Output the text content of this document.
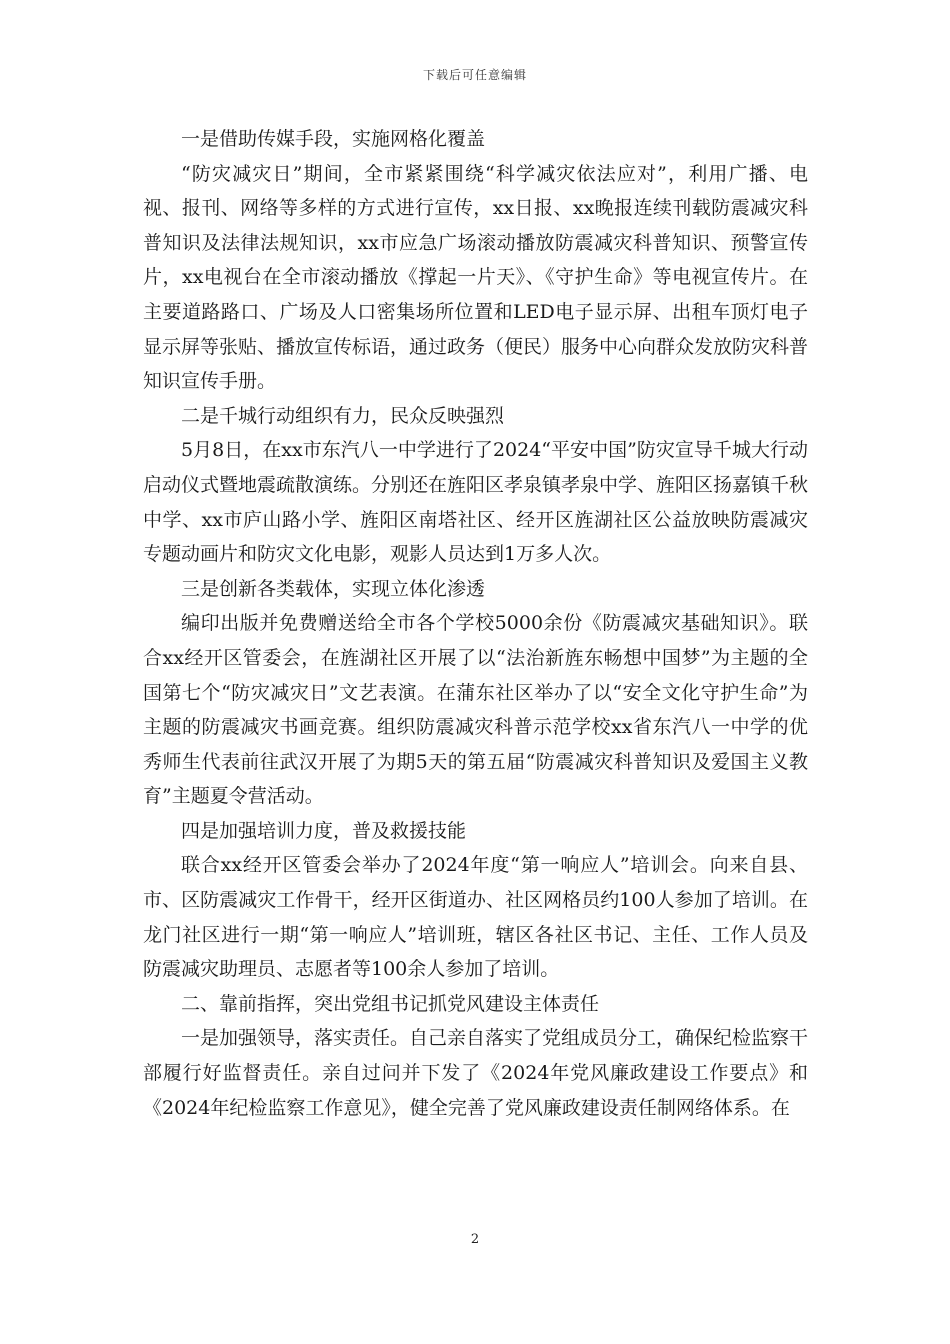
下载后可任意编辑

一是借助传媒手段，实施网格化覆盖

“防灾减灾日”期间，全市紧紧围绕“科学减灾依法应对”，利用广播、电视、报刊、网络等多样的方式进行宣传，xx日报、xx晚报连续刊载防震减灾科普知识及法律法规知识，xx市应急广场滚动播放防震减灾科普知识、预警宣传片，xx电视台在全市滚动播放《撑起一片天》、《守护生命》等电视宣传片。在主要道路路口、广场及人口密集场所位置和LED电子显示屏、出租车顶灯电子显示屏等张贴、播放宣传标语，通过政务（便民）服务中心向群众发放防灾科普知识宣传手册。

二是千城行动组织有力，民众反映强烈

5月8日，在xx市东汽八一中学进行了2024“平安中国”防灾宣导千城大行动启动仪式暨地震疏散演练。分别还在旌阳区孝泉镇孝泉中学、旌阳区扬嘉镇千秋中学、xx市庐山路小学、旌阳区南塔社区、经开区旌湖社区公益放映防震减灾专题动画片和防灾文化电影，观影人员达到1万多人次。

三是创新各类载体，实现立体化渗透

编印出版并免费赠送给全市各个学校5000余份《防震减灾基础知识》。联合xx经开区管委会，在旌湖社区开展了以“法治新旌东畅想中国梦”为主题的全国第七个“防灾减灾日”文艺表演。在蒲东社区举办了以“安全文化守护生命”为主题的防震减灾书画竞赛。组织防震减灾科普示范学校xx省东汽八一中学的优秀师生代表前往武汉开展了为期5天的第五届“防震减灾科普知识及爱国主义教育”主题夏令营活动。

四是加强培训力度，普及救援技能

联合xx经开区管委会举办了2024年度“第一响应人”培训会。向来自县、市、区防震减灾工作骨干，经开区街道办、社区网格员约100人参加了培训。在龙门社区进行一期“第一响应人”培训班，辖区各社区书记、主任、工作人员及防震减灾助理员、志愿者等100余人参加了培训。

二、靠前指挥，突出党组书记抓党风建设主体责任

一是加强领导，落实责任。自己亲自落实了党组成员分工，确保纪检监察干部履行好监督责任。亲自过问并下发了《2024年党风廉政建设工作要点》和《2024年纪检监察工作意见》，健全完善了党风廉政建设责任制网络体系。在

2
